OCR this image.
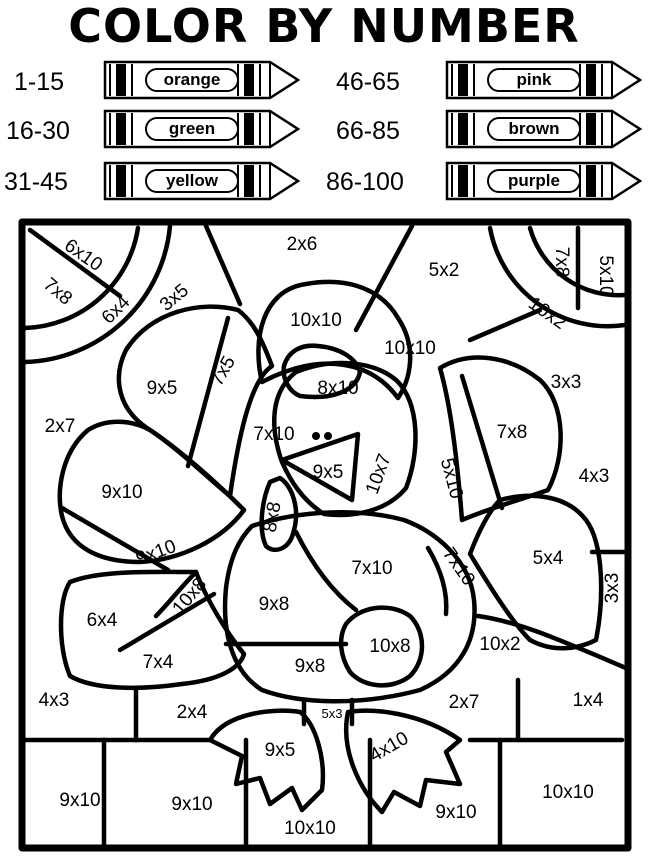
COLOR BY NUMBER
1-15	orange
16-30	green
31-45	yellow
46-65	pink
66-85	brown
86-100	purple
6x10
7x8
6x4 3x5
2x6
5x2	7x8 5x10
10x2
10x10
10x10
9x5 7x5	8x10
7x10
9x5 10x7 5x10
3x3
7x8
4x3
2x7
9x10
8x8
9x10	7x10 7x10	5x4
3x3
10x8	9x8
6x4
10x8	10x2
7x4	9x8
4x3
2x4	5x3
2x7	1x4
9x5	4x10
9x10	9x10
10x10
9x10
10x10
